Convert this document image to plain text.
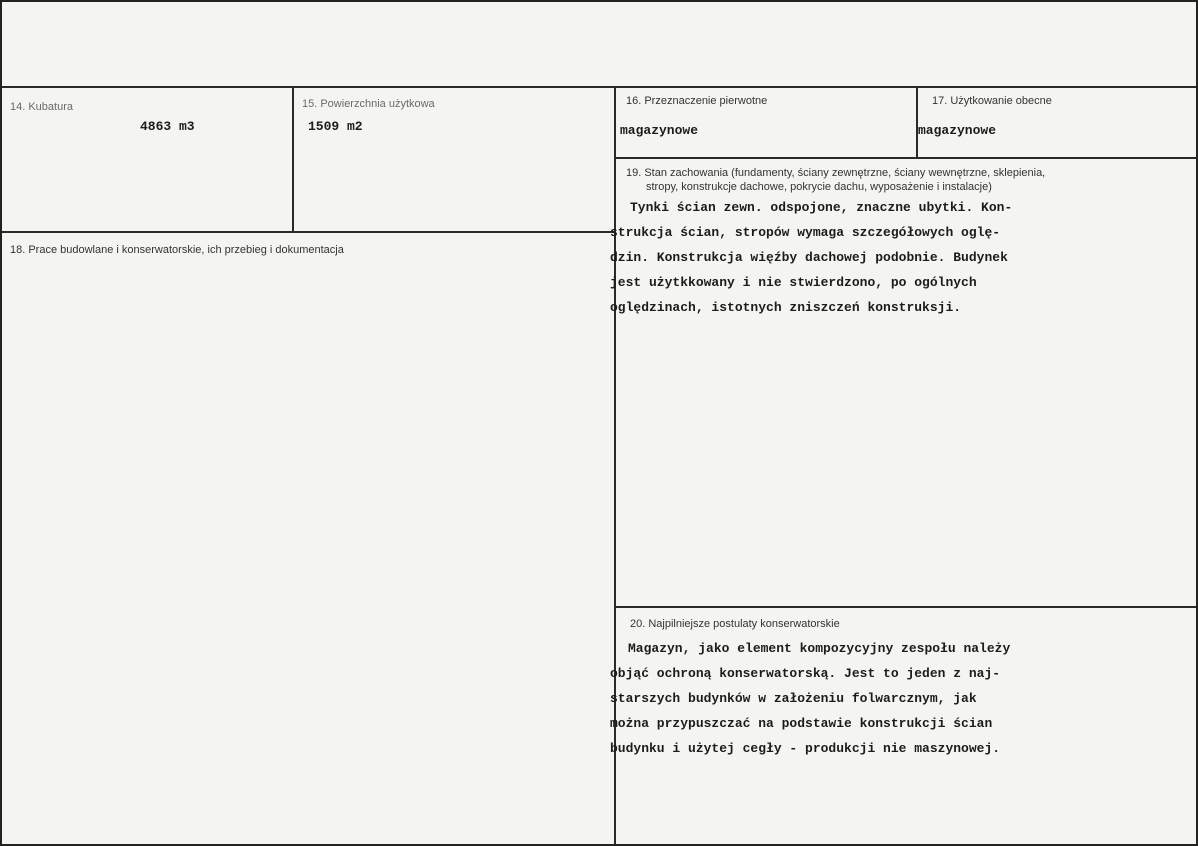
14. Kubatura
4863 m3
15. Powierzchnia użytkowa
1509 m2
16. Przeznaczenie pierwotne
magazynowe
17. Użytkowanie obecne
magazynowe
18. Prace budowlane i konserwatorskie, ich przebieg i dokumentacja
19. Stan zachowania (fundamenty, ściany zewnętrzne, ściany wewnętrzne, sklepienia,
stropy, konstrukcje dachowe, pokrycie dachu, wyposażenie i instalacje)
Tynki ścian zewn. odspojone, znaczne ubytki. Kon-
strukcja ścian, stropów wymaga szczegółowych oglę-
dzin. Konstrukcja więźby dachowej podobnie. Budynek
jest użytkkowany i nie stwierdzono, po ogólnych
oględzinach, istotnych zniszczeń konstruksji.
20. Najpilniejsze postulaty konserwatorskie
Magazyn, jako element kompozycyjny zespołu należy
objąć ochroną konserwatorską. Jest to jeden z naj-
starszych budynków w założeniu folwarcznym, jak
można przypuszczać na podstawie konstrukcji ścian
budynku i użytej cegły - produkcji nie maszynowej.
